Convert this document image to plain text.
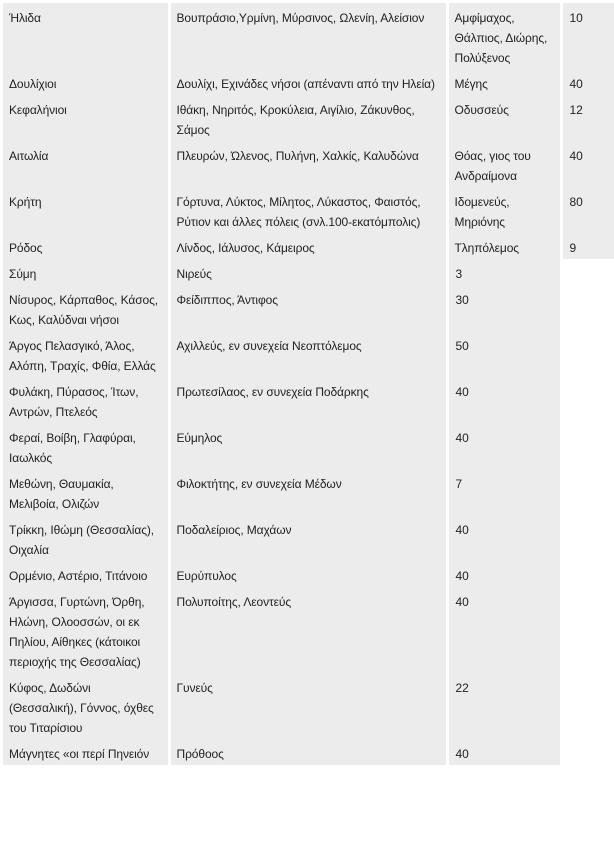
Ήλιδα	Βουπράσιο,Υρμίνη, Μύρσινος, Ωλενίη, Αλείσιον	Αμφίμαχος, Θάλπιος, Διώρης, Πολύξενος	10
Δουλίχιοι	Δουλίχι, Εχινάδες νήσοι (απέναντι από την Ηλεία)	Μέγης	40
Κεφαλήνιοι	Ιθάκη, Νηριτός, Κροκύλεια, Αιγίλιο, Ζάκυνθος, Σάμος	Οδυσσεύς	12
Αιτωλία	Πλευρών, Ώλενος, Πυλήνη, Χαλκίς, Καλυδώνα	Θόας, γιος του Ανδραίμονα	40
Κρήτη	Γόρτυνα, Λύκτος, Μίλητος, Λύκαστος, Φαιστός, Ρύτιον και άλλες πόλεις (σνλ.100-εκατόμπολις)	Ιδομενεύς, Μηριόνης	80
Ρόδος	Λίνδος, Ιάλυσος, Κάμειρος	Τληπόλεμος	9
Σύμη	Νιρεύς	3	
Νίσυρος, Κάρπαθος, Κάσος, Κως, Καλύδναι νήσοι	Φείδιππος, Άντιφος	30	
Άργος Πελασγικό, Άλος, Αλόπη, Τραχίς, Φθία, Ελλάς	Αχιλλεύς, εν συνεχεία Νεοπτόλεμος	50	
Φυλάκη, Πύρασος, Ίτων, Αντρών, Πτελεός	Πρωτεσίλαος, εν συνεχεία Ποδάρκης	40	
Φεραί, Βοίβη, Γλαφύραι, Ιαωλκός	Εύμηλος	40	
Μεθώνη, Θαυμακία, Μελιβοία, Ολιζών	Φιλοκτήτης, εν συνεχεία Μέδων	7	
Τρίκκη, Ιθώμη (Θεσσαλίας), Οιχαλία	Ποδαλείριος, Μαχάων	40	
Ορμένιο, Αστέριο, Τιτάνοιο	Ευρύπυλος	40	
Άργισσα, Γυρτώνη, Όρθη, Ηλώνη, Ολοοσσών, οι εκ Πηλίου, Αίθηκες (κάτοικοι περιοχής της Θεσσαλίας)	Πολυποίτης, Λεοντεύς	40	
Κύφος, Δωδώνι (Θεσσαλική), Γόννος, όχθες του Τιταρίσιου	Γυνεύς	22	
Μάγνητες «οι περί Πηνειόν	Πρόθοος	40	
